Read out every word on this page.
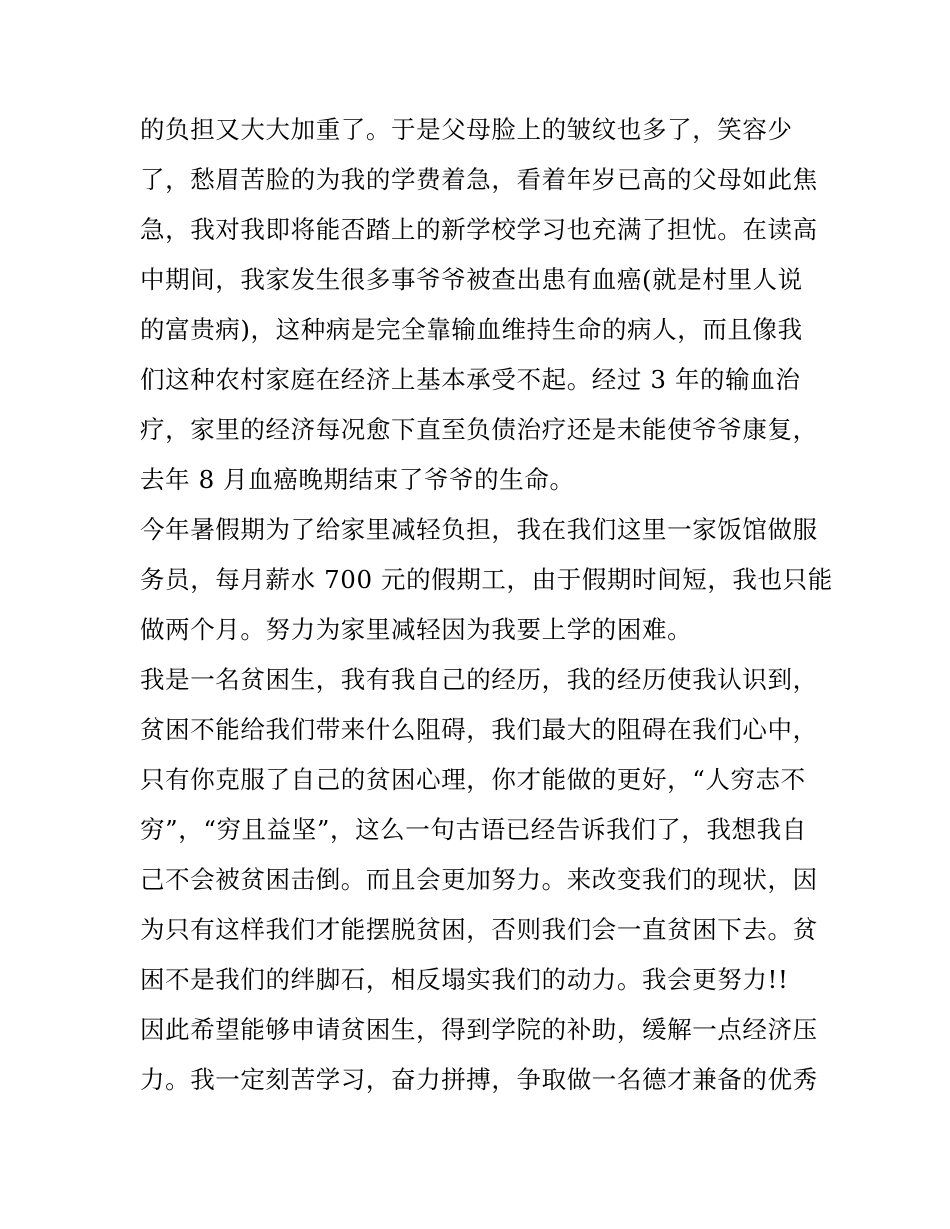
的负担又大大加重了。于是父母脸上的皱纹也多了，笑容少
了，愁眉苦脸的为我的学费着急，看着年岁已高的父母如此焦
急，我对我即将能否踏上的新学校学习也充满了担忧。在读高
中期间，我家发生很多事爷爷被查出患有血癌(就是村里人说
的富贵病)，这种病是完全靠输血维持生命的病人，而且像我
们这种农村家庭在经济上基本承受不起。经过 3 年的输血治
疗，家里的经济每况愈下直至负债治疗还是未能使爷爷康复，
去年 8 月血癌晚期结束了爷爷的生命。
今年暑假期为了给家里减轻负担，我在我们这里一家饭馆做服
务员，每月薪水 700 元的假期工，由于假期时间短，我也只能
做两个月。努力为家里减轻因为我要上学的困难。
我是一名贫困生，我有我自己的经历，我的经历使我认识到，
贫困不能给我们带来什么阻碍，我们最大的阻碍在我们心中，
只有你克服了自己的贫困心理，你才能做的更好，“人穷志不
穷”，“穷且益坚”，这么一句古语已经告诉我们了，我想我自
己不会被贫困击倒。而且会更加努力。来改变我们的现状，因
为只有这样我们才能摆脱贫困，否则我们会一直贫困下去。贫
困不是我们的绊脚石，相反塌实我们的动力。我会更努力!!
因此希望能够申请贫困生，得到学院的补助，缓解一点经济压
力。我一定刻苦学习，奋力拼搏，争取做一名德才兼备的优秀
